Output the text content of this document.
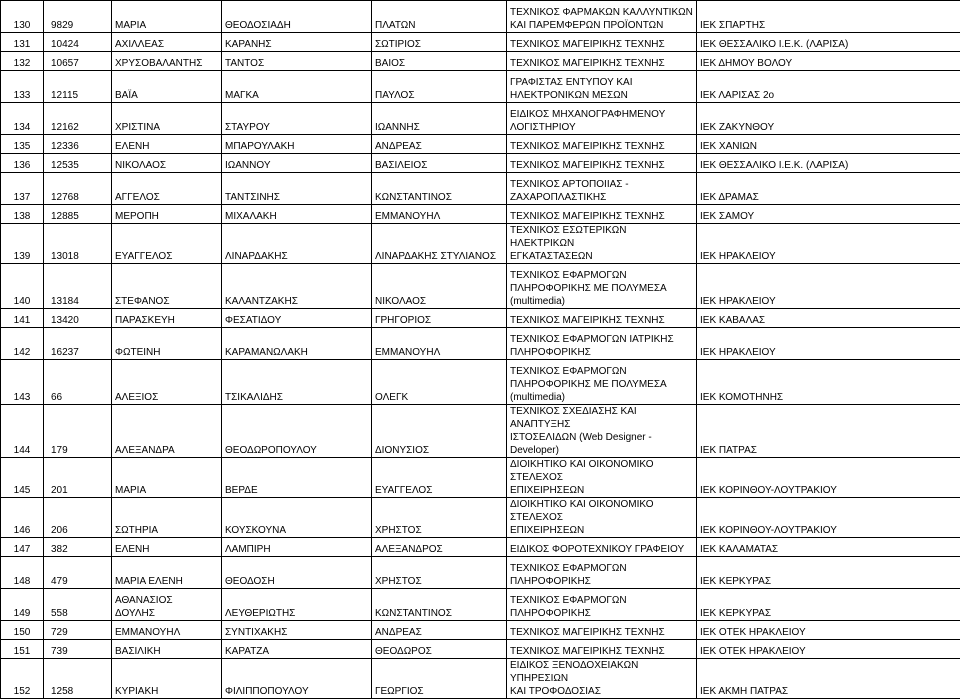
130	9829	ΜΑΡΙΑ	ΘΕΟΔΟΣΙΑΔΗ	ΠΛΑΤΩΝ	ΤΕΧΝΙΚΟΣ ΦΑΡΜΑΚΩΝ ΚΑΛΛΥΝΤΙΚΩΝ
ΚΑΙ ΠΑΡΕΜΦΕΡΩΝ ΠΡΟΪΟΝΤΩΝ	ΙΕΚ ΣΠΑΡΤΗΣ
131	10424	ΑΧΙΛΛΕΑΣ	ΚΑΡΑΝΗΣ	ΣΩΤΙΡΙΟΣ	ΤΕΧΝΙΚΟΣ ΜΑΓΕΙΡΙΚΗΣ ΤΕΧΝΗΣ	ΙΕΚ ΘΕΣΣΑΛΙΚΟ Ι.Ε.Κ. (ΛΑΡΙΣΑ)
132	10657	ΧΡΥΣΟΒΑΛΑΝΤΗΣ	ΤΑΝΤΟΣ	ΒΑΙΟΣ	ΤΕΧΝΙΚΟΣ ΜΑΓΕΙΡΙΚΗΣ ΤΕΧΝΗΣ	ΙΕΚ ΔΗΜΟΥ ΒΟΛΟΥ
133	12115	ΒΑΪΑ	ΜΑΓΚΑ	ΠΑΥΛΟΣ	ΓΡΑΦΙΣΤΑΣ ΕΝΤΥΠΟΥ ΚΑΙ
ΗΛΕΚΤΡΟΝΙΚΩΝ ΜΕΣΩΝ	ΙΕΚ ΛΑΡΙΣΑΣ 2ο
134	12162	ΧΡΙΣΤΙΝΑ	ΣΤΑΥΡΟΥ	ΙΩΑΝΝΗΣ	ΕΙΔΙΚΟΣ ΜΗΧΑΝΟΓΡΑΦΗΜΕΝΟΥ
ΛΟΓΙΣΤΗΡΙΟΥ	ΙΕΚ ΖΑΚΥΝΘΟΥ
135	12336	ΕΛΕΝΗ	ΜΠΑΡΟΥΛΑΚΗ	ΑΝΔΡΕΑΣ	ΤΕΧΝΙΚΟΣ ΜΑΓΕΙΡΙΚΗΣ ΤΕΧΝΗΣ	ΙΕΚ ΧΑΝΙΩΝ
136	12535	ΝΙΚΟΛΑΟΣ	ΙΩΑΝΝΟΥ	ΒΑΣΙΛΕΙΟΣ	ΤΕΧΝΙΚΟΣ ΜΑΓΕΙΡΙΚΗΣ ΤΕΧΝΗΣ	ΙΕΚ ΘΕΣΣΑΛΙΚΟ Ι.Ε.Κ. (ΛΑΡΙΣΑ)
137	12768	ΑΓΓΕΛΟΣ	ΤΑΝΤΣΙΝΗΣ	ΚΩΝΣΤΑΝΤΙΝΟΣ	ΤΕΧΝΙΚΟΣ ΑΡΤΟΠΟΙΙΑΣ -
ΖΑΧΑΡΟΠΛΑΣΤΙΚΗΣ	ΙΕΚ ΔΡΑΜΑΣ
138	12885	ΜΕΡΟΠΗ	ΜΙΧΑΛΑΚΗ	ΕΜΜΑΝΟΥΗΛ	ΤΕΧΝΙΚΟΣ ΜΑΓΕΙΡΙΚΗΣ ΤΕΧΝΗΣ	ΙΕΚ ΣΑΜΟΥ
139	13018	ΕΥΑΓΓΕΛΟΣ	ΛΙΝΑΡΔΑΚΗΣ	ΛΙΝΑΡΔΑΚΗΣ ΣΤΥΛΙΑΝΟΣ	ΤΕΧΝΙΚΟΣ ΕΣΩΤΕΡΙΚΩΝ ΗΛΕΚΤΡΙΚΩΝ
ΕΓΚΑΤΑΣΤΑΣΕΩΝ	ΙΕΚ ΗΡΑΚΛΕΙΟΥ
140	13184	ΣΤΕΦΑΝΟΣ	ΚΑΛΑΝΤΖΑΚΗΣ	ΝΙΚΟΛΑΟΣ	ΤΕΧΝΙΚΟΣ ΕΦΑΡΜΟΓΩΝ
ΠΛΗΡΟΦΟΡΙΚΗΣ ΜΕ ΠΟΛΥΜΕΣΑ
(multimedia)	ΙΕΚ ΗΡΑΚΛΕΙΟΥ
141	13420	ΠΑΡΑΣΚΕΥΗ	ΦΕΣΑΤΙΔΟΥ	ΓΡΗΓΟΡΙΟΣ	ΤΕΧΝΙΚΟΣ ΜΑΓΕΙΡΙΚΗΣ ΤΕΧΝΗΣ	ΙΕΚ ΚΑΒΑΛΑΣ
142	16237	ΦΩΤΕΙΝΗ	ΚΑΡΑΜΑΝΩΛΑΚΗ	ΕΜΜΑΝΟΥΗΛ	ΤΕΧΝΙΚΟΣ ΕΦΑΡΜΟΓΩΝ ΙΑΤΡΙΚΗΣ
ΠΛΗΡΟΦΟΡΙΚΗΣ	ΙΕΚ ΗΡΑΚΛΕΙΟΥ
143	66	ΑΛΕΞΙΟΣ	ΤΣΙΚΑΛΙΔΗΣ	ΟΛΕΓΚ	ΤΕΧΝΙΚΟΣ ΕΦΑΡΜΟΓΩΝ
ΠΛΗΡΟΦΟΡΙΚΗΣ ΜΕ ΠΟΛΥΜΕΣΑ
(multimedia)	ΙΕΚ ΚΟΜΟΤΗΝΗΣ
144	179	ΑΛΕΞΑΝΔΡΑ	ΘΕΟΔΩΡΟΠΟΥΛΟΥ	ΔΙΟΝΥΣΙΟΣ	ΤΕΧΝΙΚΟΣ ΣΧΕΔΙΑΣΗΣ ΚΑΙ ΑΝΑΠΤΥΞΗΣ
ΙΣΤΟΣΕΛΙΔΩΝ (Web Designer -
Developer)	ΙΕΚ ΠΑΤΡΑΣ
145	201	ΜΑΡΙΑ	ΒΕΡΔΕ	ΕΥΑΓΓΕΛΟΣ	ΔΙΟΙΚΗΤΙΚΟ ΚΑΙ ΟΙΚΟΝΟΜΙΚΟ ΣΤΕΛΕΧΟΣ
ΕΠΙΧΕΙΡΗΣΕΩΝ	ΙΕΚ ΚΟΡΙΝΘΟΥ-ΛΟΥΤΡΑΚΙΟΥ
146	206	ΣΩΤΗΡΙΑ	ΚΟΥΣΚΟΥΝΑ	ΧΡΗΣΤΟΣ	ΔΙΟΙΚΗΤΙΚΟ ΚΑΙ ΟΙΚΟΝΟΜΙΚΟ ΣΤΕΛΕΧΟΣ
ΕΠΙΧΕΙΡΗΣΕΩΝ	ΙΕΚ ΚΟΡΙΝΘΟΥ-ΛΟΥΤΡΑΚΙΟΥ
147	382	ΕΛΕΝΗ	ΛΑΜΠΙΡΗ	ΑΛΕΞΑΝΔΡΟΣ	ΕΙΔΙΚΟΣ ΦΟΡΟΤΕΧΝΙΚΟΥ ΓΡΑΦΕΙΟΥ	ΙΕΚ ΚΑΛΑΜΑΤΑΣ
148	479	ΜΑΡΙΑ ΕΛΕΝΗ	ΘΕΟΔΟΣΗ	ΧΡΗΣΤΟΣ	ΤΕΧΝΙΚΟΣ ΕΦΑΡΜΟΓΩΝ
ΠΛΗΡΟΦΟΡΙΚΗΣ	ΙΕΚ ΚΕΡΚΥΡΑΣ
149	558	ΑΘΑΝΑΣΙΟΣ
ΔΟΥΛΗΣ	ΛΕΥΘΕΡΙΩΤΗΣ	ΚΩΝΣΤΑΝΤΙΝΟΣ	ΤΕΧΝΙΚΟΣ ΕΦΑΡΜΟΓΩΝ
ΠΛΗΡΟΦΟΡΙΚΗΣ	ΙΕΚ ΚΕΡΚΥΡΑΣ
150	729	ΕΜΜΑΝΟΥΗΛ	ΣΥΝΤΙΧΑΚΗΣ	ΑΝΔΡΕΑΣ	ΤΕΧΝΙΚΟΣ ΜΑΓΕΙΡΙΚΗΣ ΤΕΧΝΗΣ	ΙΕΚ ΟΤΕΚ ΗΡΑΚΛΕΙΟΥ
151	739	ΒΑΣΙΛΙΚΗ	ΚΑΡΑΤΖΑ	ΘΕΟΔΩΡΟΣ	ΤΕΧΝΙΚΟΣ ΜΑΓΕΙΡΙΚΗΣ ΤΕΧΝΗΣ	ΙΕΚ ΟΤΕΚ ΗΡΑΚΛΕΙΟΥ
152	1258	ΚΥΡΙΑΚΗ	ΦΙΛΙΠΠΟΠΟΥΛΟΥ	ΓΕΩΡΓΙΟΣ	ΕΙΔΙΚΟΣ ΞΕΝΟΔΟΧΕΙΑΚΩΝ ΥΠΗΡΕΣΙΩΝ
ΚΑΙ ΤΡΟΦΟΔΟΣΙΑΣ	ΙΕΚ ΑΚΜΗ ΠΑΤΡΑΣ
